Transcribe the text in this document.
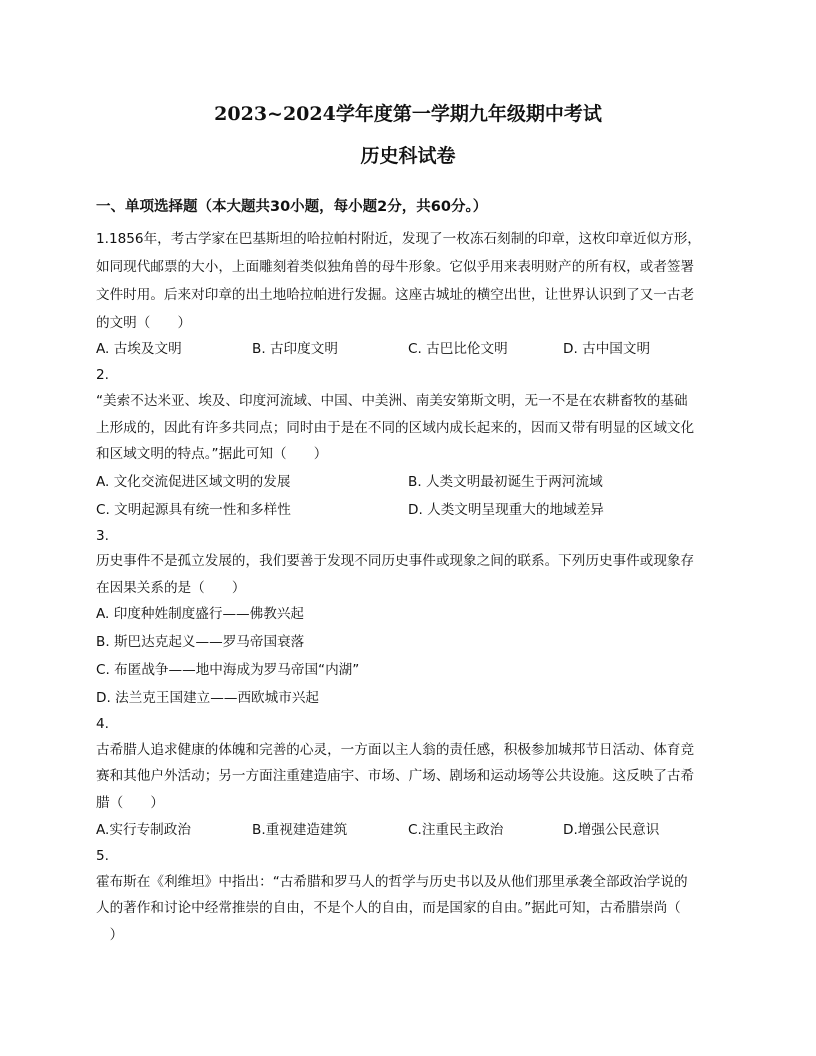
2023~2024学年度第一学期九年级期中考试
历史科试卷
一、单项选择题（本大题共30小题，每小题2分，共60分。）
1.1856年，考古学家在巴基斯坦的哈拉帕村附近，发现了一枚冻石刻制的印章，这枚印章近似方形，
如同现代邮票的大小，上面雕刻着类似独角兽的母牛形象。它似乎用来表明财产的所有权，或者签署
文件时用。后来对印章的出土地哈拉帕进行发掘。这座古城址的横空出世，让世界认识到了又一古老
的文明（　　）
A. 古埃及文明	B. 古印度文明	C. 古巴比伦文明	D. 古中国文明
2.
“美索不达米亚、埃及、印度河流域、中国、中美洲、南美安第斯文明，无一不是在农耕畜牧的基础
上形成的，因此有许多共同点；同时由于是在不同的区域内成长起来的，因而又带有明显的区域文化
和区域文明的特点。”据此可知（　　）
A. 文化交流促进区域文明的发展	B. 人类文明最初诞生于两河流域
C. 文明起源具有统一性和多样性	D. 人类文明呈现重大的地域差异
3.
历史事件不是孤立发展的，我们要善于发现不同历史事件或现象之间的联系。下列历史事件或现象存
在因果关系的是（　　）
A. 印度种姓制度盛行——佛教兴起
B. 斯巴达克起义——罗马帝国衰落
C. 布匿战争——地中海成为罗马帝国“内湖”
D. 法兰克王国建立——西欧城市兴起
4.
古希腊人追求健康的体魄和完善的心灵，一方面以主人翁的责任感，积极参加城邦节日活动、体育竞
赛和其他户外活动；另一方面注重建造庙宇、市场、广场、剧场和运动场等公共设施。这反映了古希
腊（　　）
A.实行专制政治	B.重视建造建筑	C.注重民主政治	D.增强公民意识
5.
霍布斯在《利维坦》中指出：“古希腊和罗马人的哲学与历史书以及从他们那里承袭全部政治学说的
人的著作和讨论中经常推崇的自由，不是个人的自由，而是国家的自由。”据此可知，古希腊崇尚（
　）
